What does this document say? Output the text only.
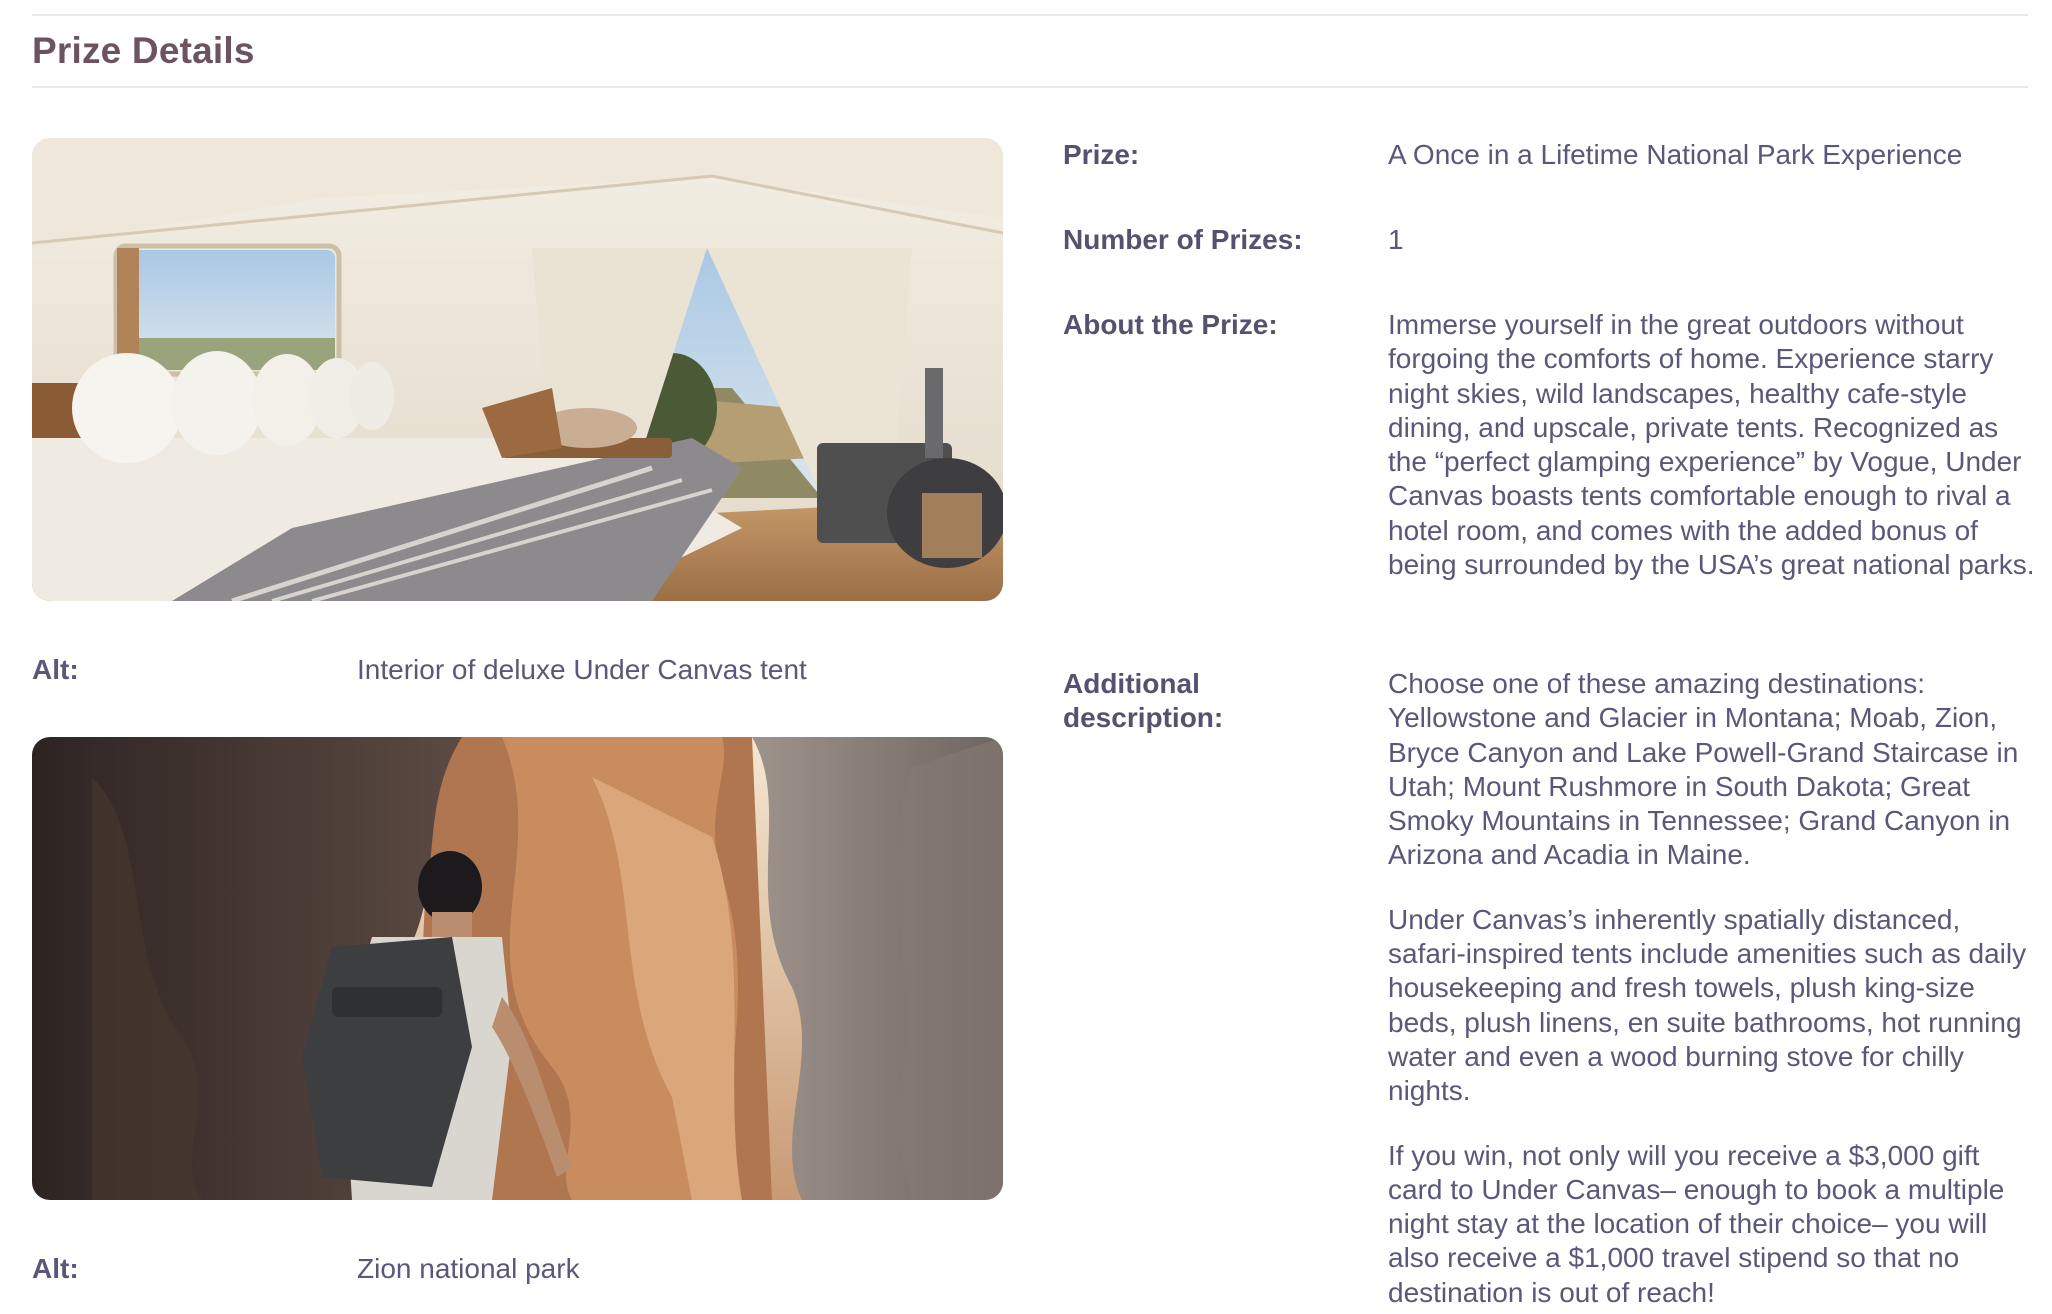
Prize Details
Alt:	Interior of deluxe Under Canvas tent
Alt:	Zion national park
Prize:	A Once in a Lifetime National Park Experience
Number of Prizes:	1
About the Prize:	Immerse yourself in the great outdoors without forgoing the comforts of home. Experience starry night skies, wild landscapes, healthy cafe-style dining, and upscale, private tents. Recognized as the “perfect glamping experience” by Vogue, Under Canvas boasts tents comfortable enough to rival a hotel room, and comes with the added bonus of being surrounded by the USA’s great national parks.
Additional description:

Choose one of these amazing destinations: Yellowstone and Glacier in Montana; Moab, Zion, Bryce Canyon and Lake Powell-Grand Staircase in Utah; Mount Rushmore in South Dakota; Great Smoky Mountains in Tennessee; Grand Canyon in Arizona and Acadia in Maine.

Under Canvas’s inherently spatially distanced, safari-inspired tents include amenities such as daily housekeeping and fresh towels, plush king-size beds, plush linens, en suite bathrooms, hot running water and even a wood burning stove for chilly nights.

If you win, not only will you receive a $3,000 gift card to Under Canvas– enough to book a multiple night stay at the location of their choice– you will also receive a $1,000 travel stipend so that no destination is out of reach!
